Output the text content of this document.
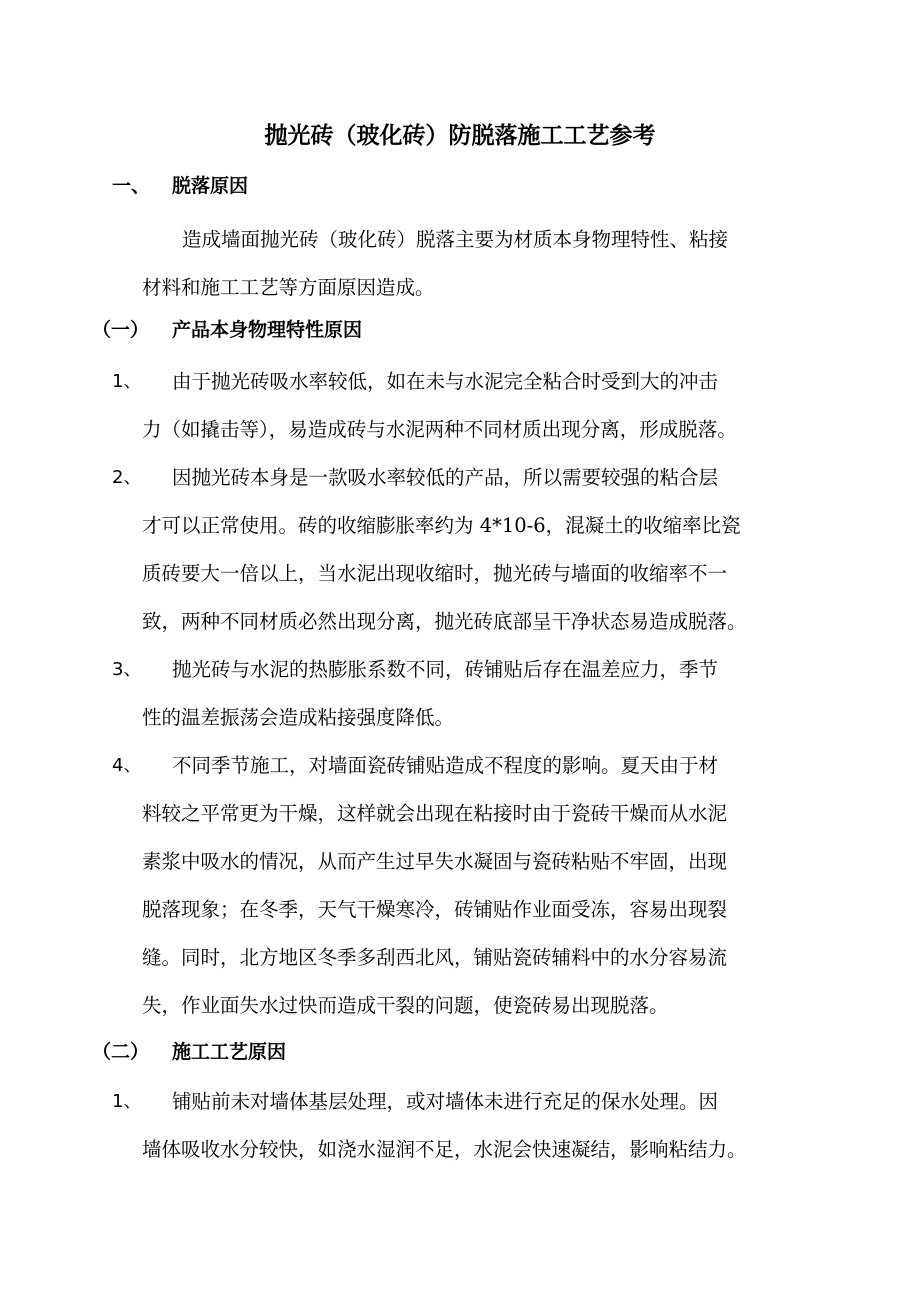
抛光砖（玻化砖）防脱落施工工艺参考
一、 脱落原因
造成墙面抛光砖（玻化砖）脱落主要为材质本身物理特性、粘接
材料和施工工艺等方面原因造成。
（一） 产品本身物理特性原因
1、	由于抛光砖吸水率较低，如在未与水泥完全粘合时受到大的冲击
力（如撬击等），易造成砖与水泥两种不同材质出现分离，形成脱落。
2、	因抛光砖本身是一款吸水率较低的产品，所以需要较强的粘合层
才可以正常使用。砖的收缩膨胀率约为 4*10-6，混凝土的收缩率比瓷
质砖要大一倍以上，当水泥出现收缩时，抛光砖与墙面的收缩率不一
致，两种不同材质必然出现分离，抛光砖底部呈干净状态易造成脱落。
3、	抛光砖与水泥的热膨胀系数不同，砖铺贴后存在温差应力，季节
性的温差振荡会造成粘接强度降低。
4、	不同季节施工，对墙面瓷砖铺贴造成不程度的影响。夏天由于材
料较之平常更为干燥，这样就会出现在粘接时由于瓷砖干燥而从水泥
素浆中吸水的情况，从而产生过早失水凝固与瓷砖粘贴不牢固，出现
脱落现象；在冬季，天气干燥寒冷，砖铺贴作业面受冻，容易出现裂
缝。同时，北方地区冬季多刮西北风，铺贴瓷砖辅料中的水分容易流
失，作业面失水过快而造成干裂的问题，使瓷砖易出现脱落。
（二） 施工工艺原因
1、	铺贴前未对墙体基层处理，或对墙体未进行充足的保水处理。因
墙体吸收水分较快，如浇水湿润不足，水泥会快速凝结，影响粘结力。
